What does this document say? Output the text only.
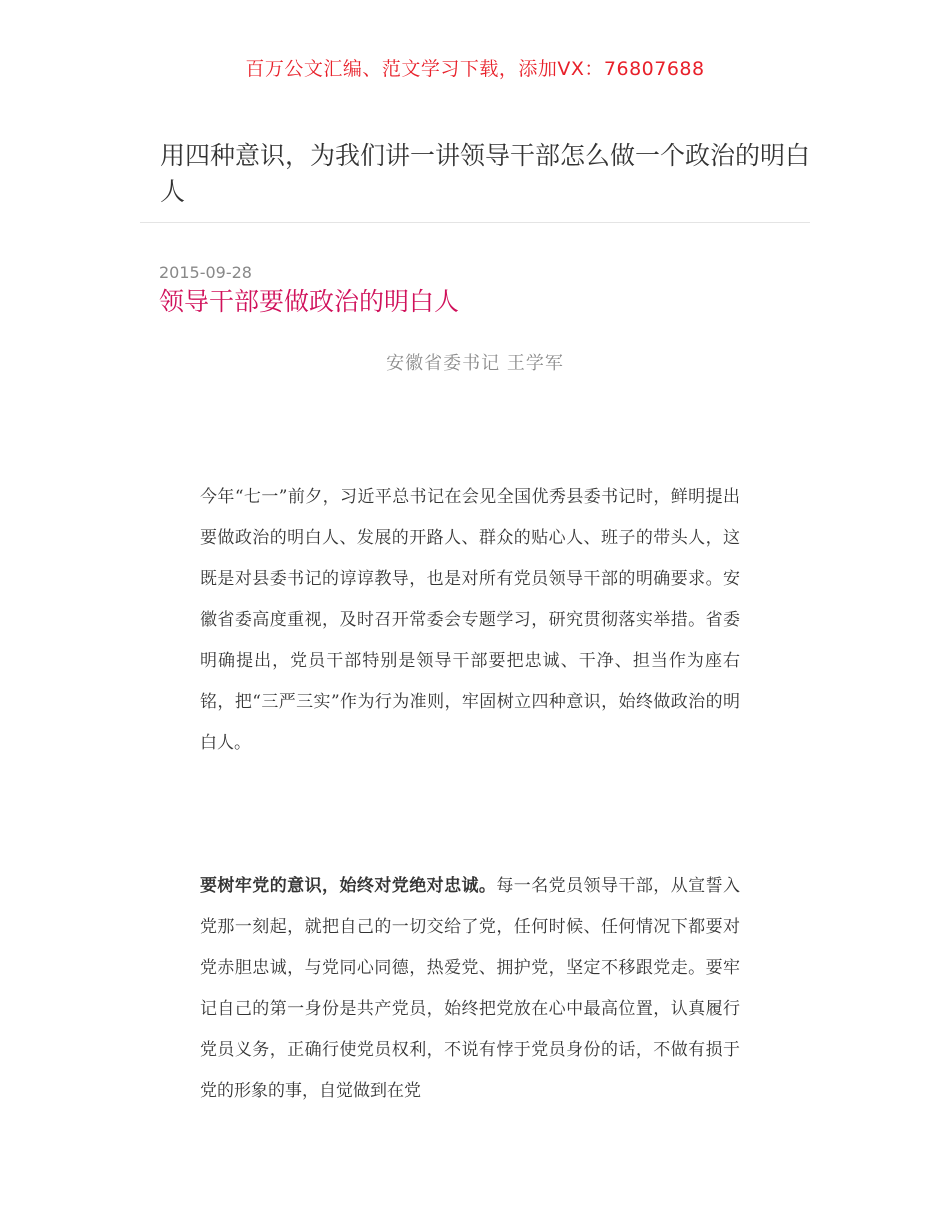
百万公文汇编、范文学习下载，添加VX：76807688
用四种意识，为我们讲一讲领导干部怎么做一个政治的明白人
2015-09-28
领导干部要做政治的明白人
安徽省委书记 王学军

今年“七一”前夕，习近平总书记在会见全国优秀县委书记时，鲜明提出要做政治的明白人、发展的开路人、群众的贴心人、班子的带头人，这既是对县委书记的谆谆教导，也是对所有党员领导干部的明确要求。安徽省委高度重视，及时召开常委会专题学习，研究贯彻落实举措。省委明确提出，党员干部特别是领导干部要把忠诚、干净、担当作为座右铭，把“三严三实”作为行为准则，牢固树立四种意识，始终做政治的明白人。

要树牢党的意识，始终对党绝对忠诚。每一名党员领导干部，从宣誓入党那一刻起，就把自己的一切交给了党，任何时候、任何情况下都要对党赤胆忠诚，与党同心同德，热爱党、拥护党，坚定不移跟党走。要牢记自己的第一身份是共产党员，始终把党放在心中最高位置，认真履行党员义务，正确行使党员权利，不说有悖于党员身份的话，不做有损于党的形象的事，自觉做到在党
